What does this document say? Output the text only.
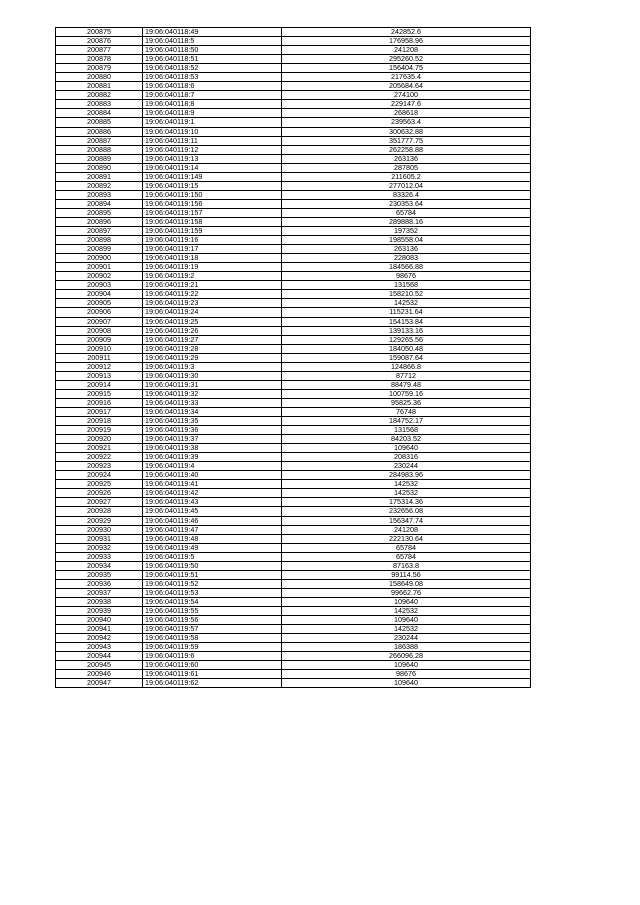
200875	19:06:040118:49	242852.6
200876	19:06:040118:5	176958.96
200877	19:06:040118:50	241208
200878	19:06:040118:51	295260.52
200879	19:06:040118:52	156404.75
200880	19:06:040118:53	217635.4
200881	19:06:040118:6	205684.64
200882	19:06:040118:7	274100
200883	19:06:040118:8	229147.6
200884	19:06:040118:9	268618
200885	19:06:040119:1	239563.4
200886	19:06:040119:10	300632.88
200887	19:06:040119:11	351777.75
200888	19:06:040119:12	262258.88
200889	19:06:040119:13	263136
200890	19:06:040119:14	287805
200891	19:06:040119:149	211605.2
200892	19:06:040119:15	277012.04
200893	19:06:040119:150	83326.4
200894	19:06:040119:156	230353.64
200895	19:06:040119:157	65784
200896	19:06:040119:158	289888.16
200897	19:06:040119:159	197352
200898	19:06:040119:16	198558.04
200899	19:06:040119:17	263136
200900	19:06:040119:18	228083
200901	19:06:040119:19	184566.88
200902	19:06:040119:2	98676
200903	19:06:040119:21	131568
200904	19:06:040119:22	158210.52
200905	19:06:040119:23	142532
200906	19:06:040119:24	115231.64
200907	19:06:040119:25	154153.84
200908	19:06:040119:26	139133.16
200909	19:06:040119:27	129265.56
200910	19:06:040119:28	184050.48
200911	19:06:040119:29	159087.64
200912	19:06:040119:3	124866.8
200913	19:06:040119:30	87712
200914	19:06:040119:31	88479.48
200915	19:06:040119:32	100759.16
200916	19:06:040119:33	95825.36
200917	19:06:040119:34	76748
200918	19:06:040119:35	184752.17
200919	19:06:040119:36	131568
200920	19:06:040119:37	84203.52
200921	19:06:040119:38	109640
200922	19:06:040119:39	208316
200923	19:06:040119:4	230244
200924	19:06:040119:40	284983.96
200925	19:06:040119:41	142532
200926	19:06:040119:42	142532
200927	19:06:040119:43	175314.36
200928	19:06:040119:45	232656.08
200929	19:06:040119:46	156347.74
200930	19:06:040119:47	241208
200931	19:06:040119:48	222130.64
200932	19:06:040119:49	65784
200933	19:06:040119:5	65784
200934	19:06:040119:50	87163.8
200935	19:06:040119:51	99114.56
200936	19:06:040119:52	158649.08
200937	19:06:040119:53	99662.76
200938	19:06:040119:54	109640
200939	19:06:040119:55	142532
200940	19:06:040119:56	109640
200941	19:06:040119:57	142532
200942	19:06:040119:58	230244
200943	19:06:040119:59	186388
200944	19:06:040119:6	266096.28
200945	19:06:040119:60	109640
200946	19:06:040119:61	98676
200947	19:06:040119:62	109640
